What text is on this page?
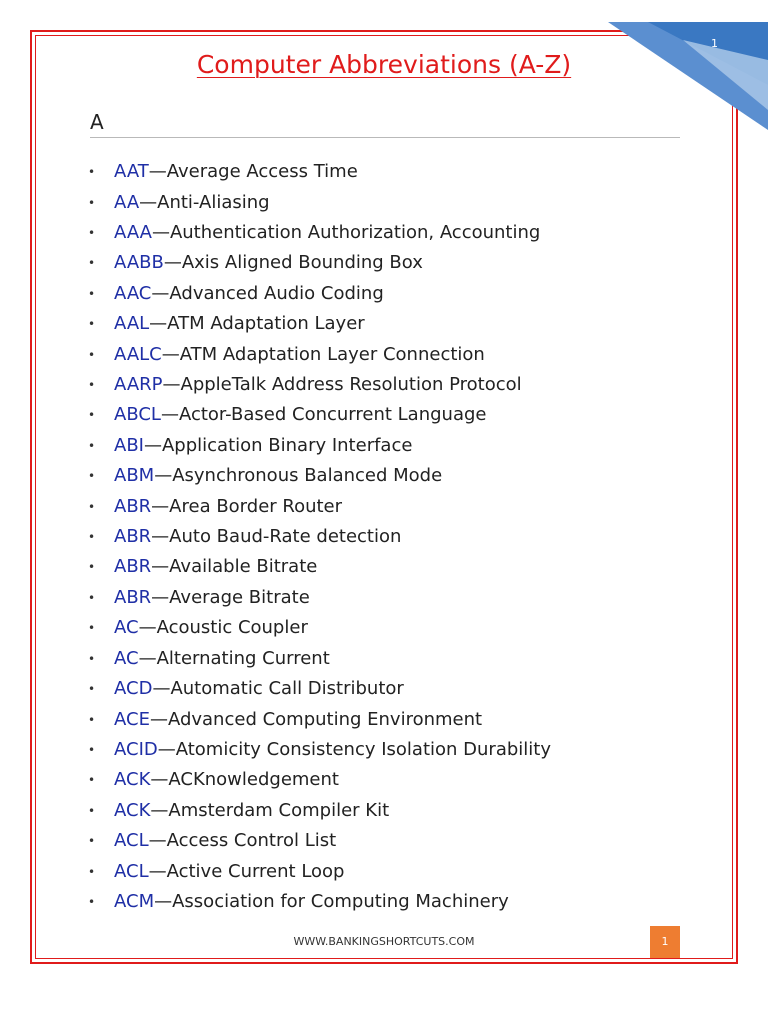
1
Computer Abbreviations (A-Z)
A
•	AAT — Average Access Time
•	AA — Anti-Aliasing
•	AAA — Authentication Authorization, Accounting
•	AABB — Axis Aligned Bounding Box
•	AAC — Advanced Audio Coding
•	AAL — ATM Adaptation Layer
•	AALC — ATM Adaptation Layer Connection
•	AARP — AppleTalk Address Resolution Protocol
•	ABCL — Actor-Based Concurrent Language
•	ABI — Application Binary Interface
•	ABM — Asynchronous Balanced Mode
•	ABR — Area Border Router
•	ABR — Auto Baud-Rate detection
•	ABR — Available Bitrate
•	ABR — Average Bitrate
•	AC — Acoustic Coupler
•	AC — Alternating Current
•	ACD — Automatic Call Distributor
•	ACE — Advanced Computing Environment
•	ACID — Atomicity Consistency Isolation Durability
•	ACK — ACKnowledgement
•	ACK — Amsterdam Compiler Kit
•	ACL — Access Control List
•	ACL — Active Current Loop
•	ACM — Association for Computing Machinery
WWW.BANKINGSHORTCUTS.COM	1
